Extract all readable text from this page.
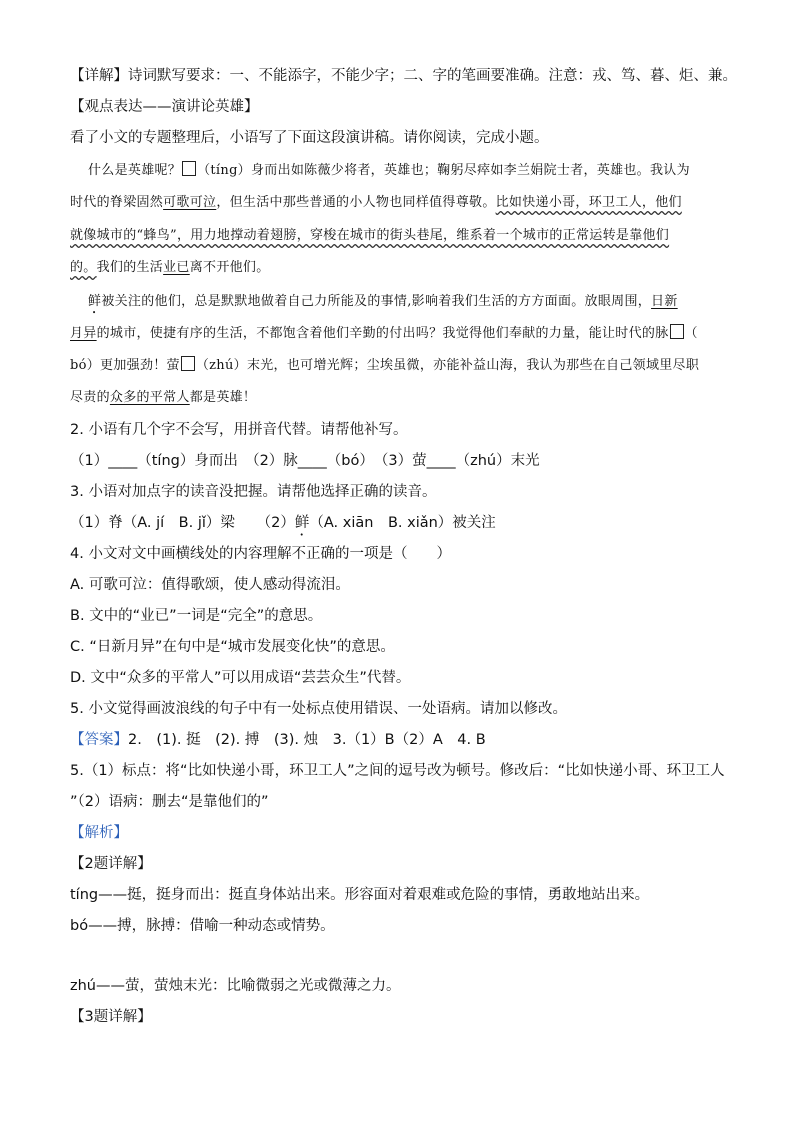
【详解】诗词默写要求：一、不能添字，不能少字；二、字的笔画要准确。注意：戎、笃、暮、炬、兼。
【观点表达——演讲论英雄】
看了小文的专题整理后，小语写了下面这段演讲稿。请你阅读，完成小题。
什么是英雄呢？ （tíng）身而出如陈薇少将者，英雄也；鞠躬尽瘁如李兰娟院士者，英雄也。我认为
时代的脊梁固然可歌可泣，但生活中那些普通的小人物也同样值得尊敬。比如快递小哥，环卫工人，他们
就像城市的“蜂鸟”，用力地撑动着翅膀，穿梭在城市的街头巷尾，维系着一个城市的正常运转是靠他们
的。我们的生活业已离不开他们。
鲜被关注的他们，总是默默地做着自己力所能及的事情,影响着我们生活的方方面面。放眼周围，日新
月异的城市，使捷有序的生活，不都饱含着他们辛勤的付出吗？我觉得他们奉献的力量，能让时代的脉 （
bó）更加强劲！萤 （zhú）末光，也可增光辉；尘埃虽微，亦能补益山海，我认为那些在自己领域里尽职
尽责的众多的平常人都是英雄！
2. 小语有几个字不会写，用拼音代替。请帮他补写。
（1）____（tíng）身而出　（2）脉____（bó）　（3）萤____（zhú）末光
3. 小语对加点字的读音没把握。请帮他选择正确的读音。
（1）脊（A. jí　B. jǐ）梁　　（2）鲜（A. xiān　B. xiǎn）被关注
4. 小文对文中画横线处的内容理解不正确的一项是（　　）
A. 可歌可泣：值得歌颂，使人感动得流泪。
B. 文中的“业已”一词是“完全”的意思。
C. “日新月异”在句中是“城市发展变化快”的意思。
D. 文中“众多的平常人”可以用成语“芸芸众生”代替。
5. 小文觉得画波浪线的句子中有一处标点使用错误、一处语病。请加以修改。
【答案】2.　(1). 挺　(2). 搏　(3). 烛　3.（1）B（2）A　4. B
5.（1）标点：将“比如快递小哥，环卫工人”之间的逗号改为顿号。修改后：“比如快递小哥、环卫工人
”（2）语病：删去“是靠他们的”
【解析】
【2题详解】
tíng——挺，挺身而出：挺直身体站出来。形容面对着艰难或危险的事情，勇敢地站出来。
bó——搏，脉搏：借喻一种动态或情势。
zhú——萤，萤烛末光：比喻微弱之光或微薄之力。
【3题详解】
